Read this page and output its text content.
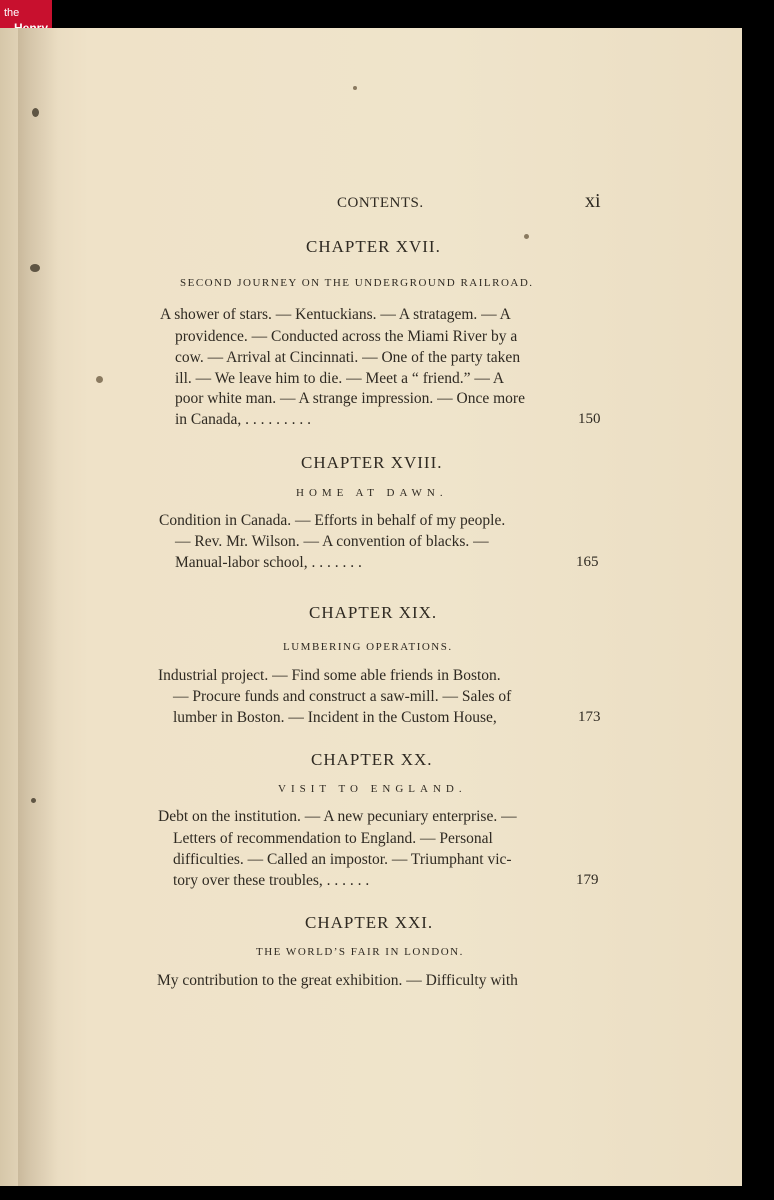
the
CONTENTS.	xi
CHAPTER XVII.
SECOND JOURNEY ON THE UNDERGROUND RAILROAD.
A shower of stars. — Kentuckians. — A stratagem. — A
providence. — Conducted across the Miami River by a
cow. — Arrival at Cincinnati. — One of the party taken
ill. — We leave him to die. — Meet a “ friend.” — A
poor white man. — A strange impression. — Once more
in Canada, . . . . . . . . .	150
CHAPTER XVIII.
HOME AT DAWN.
Condition in Canada. — Efforts in behalf of my people.
— Rev. Mr. Wilson. — A convention of blacks. —
Manual-labor school, . . . . . . .	165
CHAPTER XIX.
LUMBERING OPERATIONS.
Industrial project. — Find some able friends in Boston.
— Procure funds and construct a saw-mill. — Sales of
lumber in Boston. — Incident in the Custom House,	173
CHAPTER XX.
VISIT TO ENGLAND.
Debt on the institution. — A new pecuniary enterprise. —
Letters of recommendation to England. — Personal
difficulties. — Called an impostor. — Triumphant vic-
tory over these troubles, . . . . . .	179
CHAPTER XXI.
THE WORLD’S FAIR IN LONDON.
My contribution to the great exhibition. — Difficulty with
